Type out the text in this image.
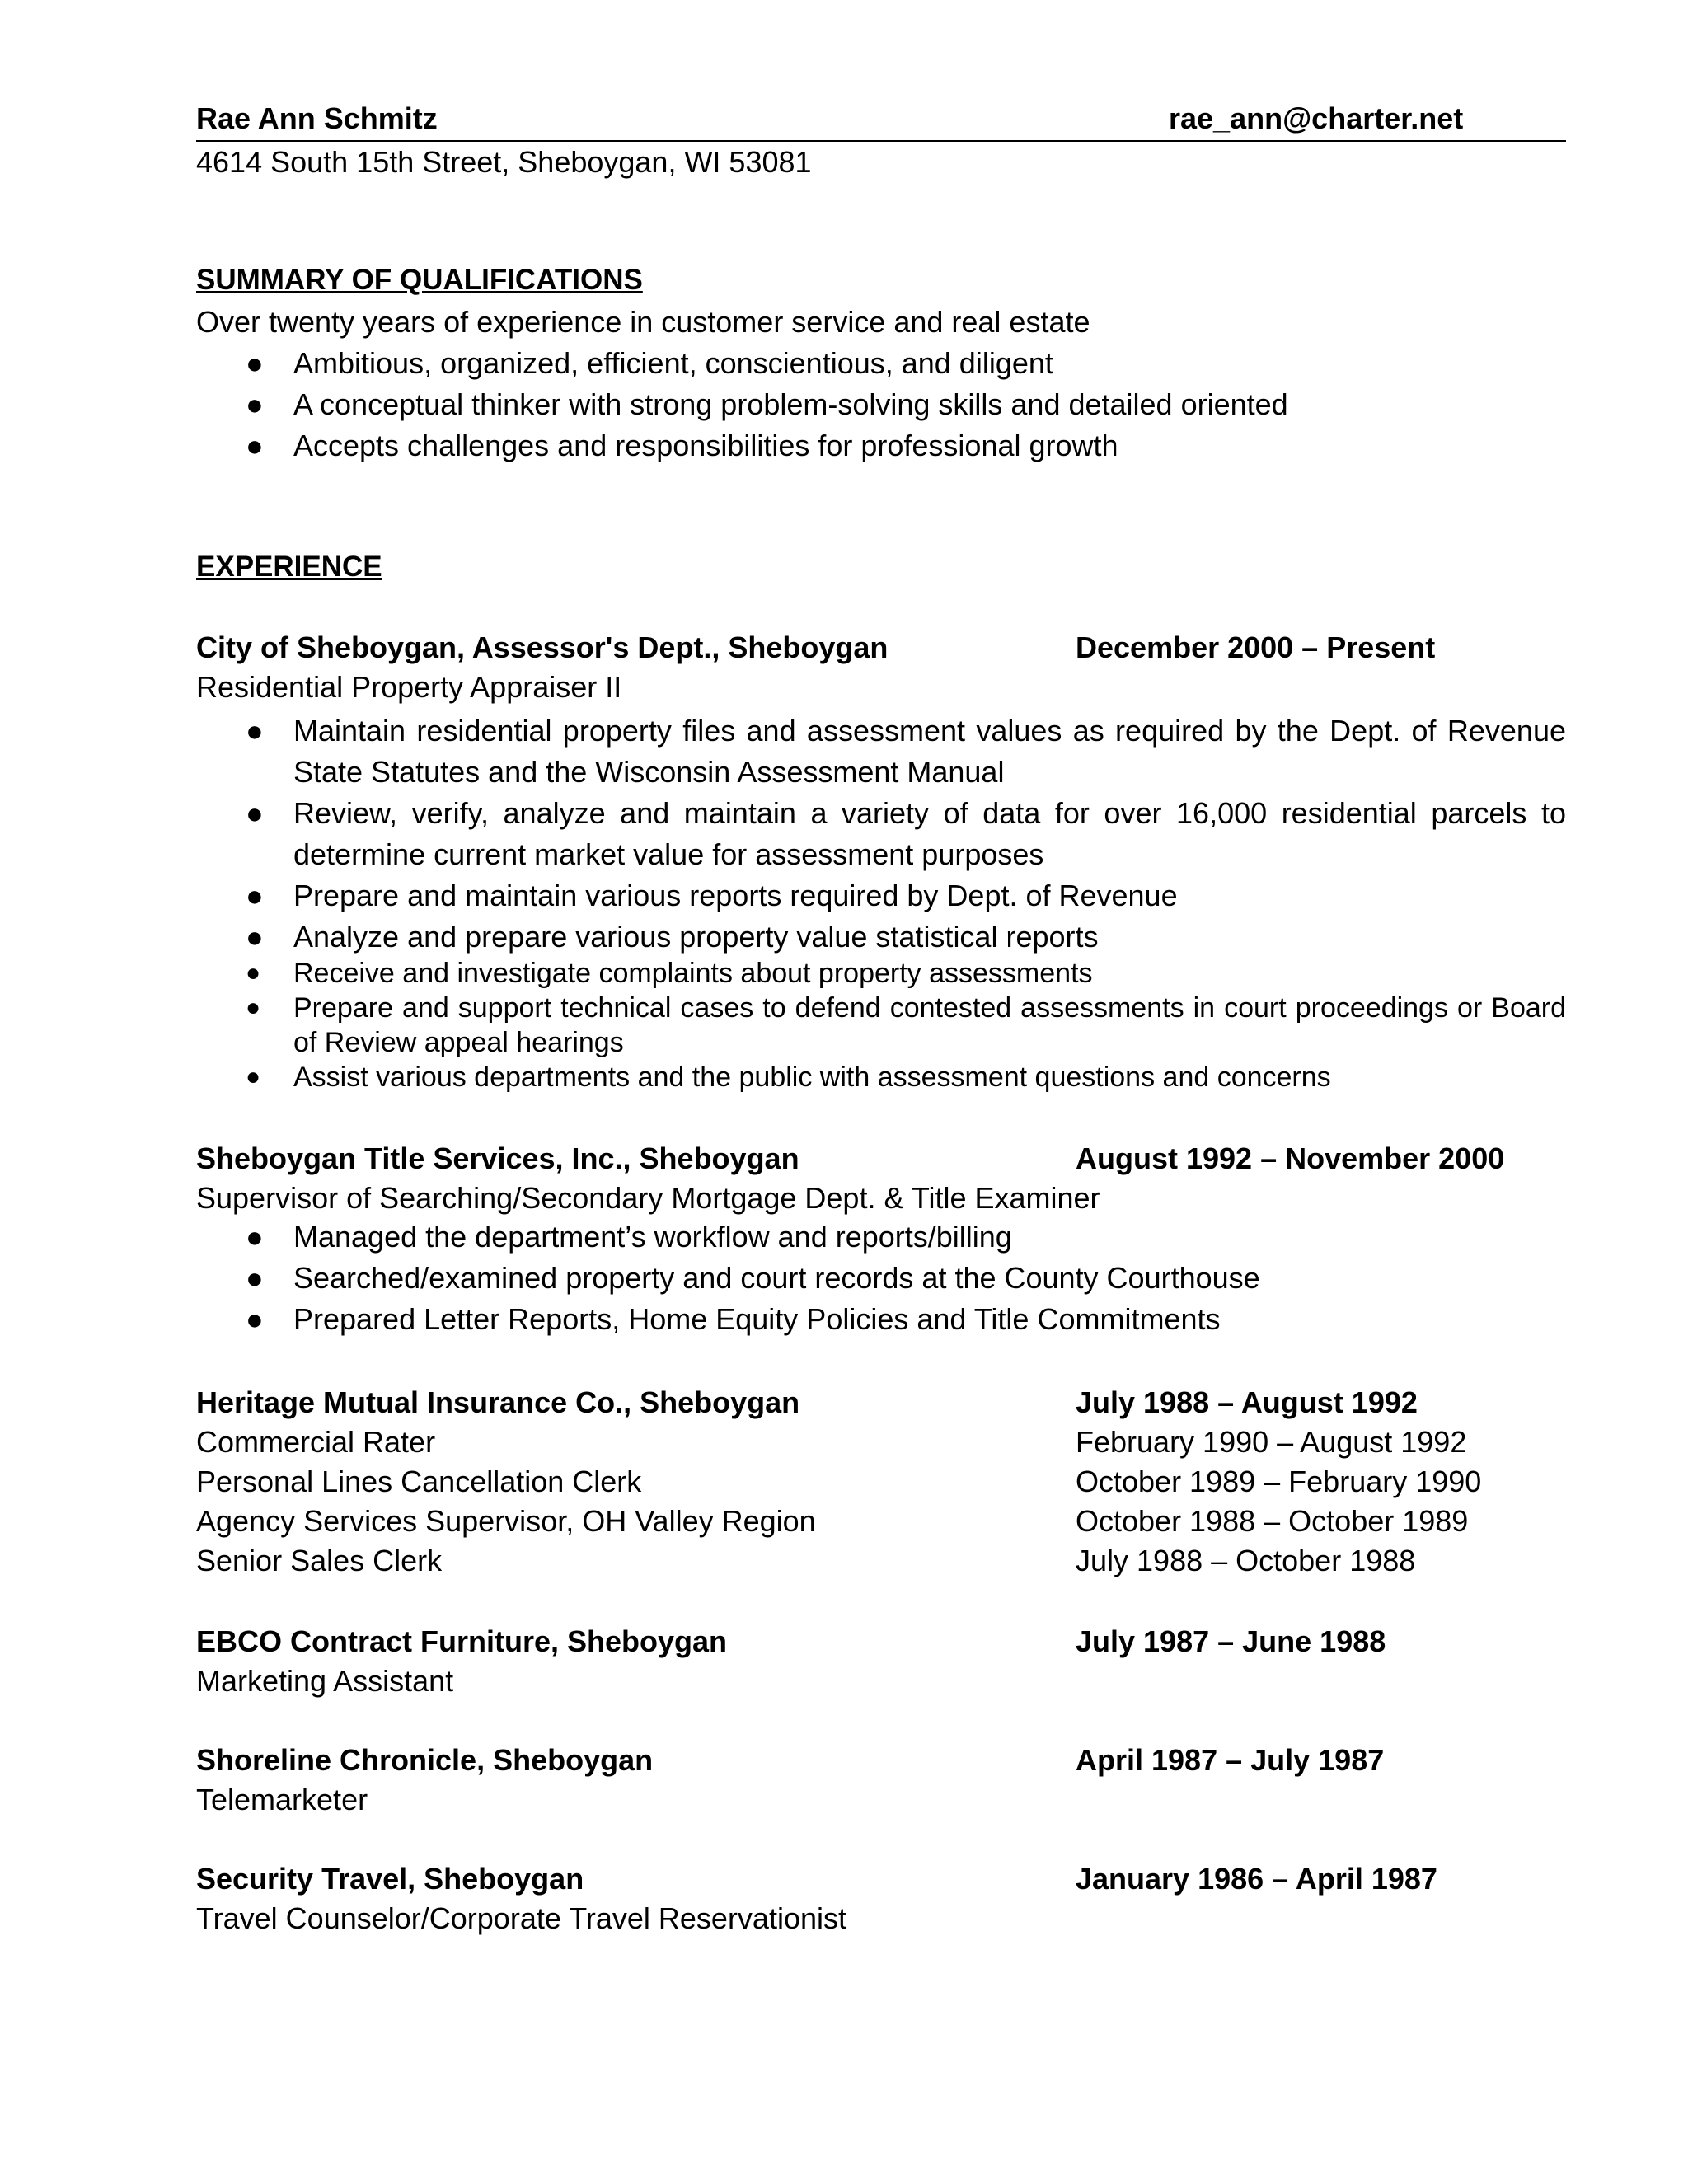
Rae Ann Schmitz	rae_ann@charter.net
4614 South 15th Street, Sheboygan, WI 53081
SUMMARY OF QUALIFICATIONS
Over twenty years of experience in customer service and real estate
● Ambitious, organized, efficient, conscientious, and diligent
● A conceptual thinker with strong problem-solving skills and detailed oriented
● Accepts challenges and responsibilities for professional growth
EXPERIENCE
City of Sheboygan, Assessor's Dept., Sheboygan	December 2000 – Present
Residential Property Appraiser II
● Maintain residential property files and assessment values as required by the Dept. of Revenue State Statutes and the Wisconsin Assessment Manual
● Review, verify, analyze and maintain a variety of data for over 16,000 residential parcels to determine current market value for assessment purposes
● Prepare and maintain various reports required by Dept. of Revenue
● Analyze and prepare various property value statistical reports
● Receive and investigate complaints about property assessments
● Prepare and support technical cases to defend contested assessments in court proceedings or Board of Review appeal hearings
● Assist various departments and the public with assessment questions and concerns
Sheboygan Title Services, Inc., Sheboygan	August 1992 – November 2000
Supervisor of Searching/Secondary Mortgage Dept. & Title Examiner
● Managed the department’s workflow and reports/billing
● Searched/examined property and court records at the County Courthouse
● Prepared Letter Reports, Home Equity Policies and Title Commitments
Heritage Mutual Insurance Co., Sheboygan	July 1988 – August 1992
Commercial Rater	February 1990 – August 1992
Personal Lines Cancellation Clerk	October 1989 – February 1990
Agency Services Supervisor, OH Valley Region	October 1988 – October 1989
Senior Sales Clerk	July 1988 – October 1988
EBCO Contract Furniture, Sheboygan	July 1987 – June 1988
Marketing Assistant
Shoreline Chronicle, Sheboygan	April 1987 – July 1987
Telemarketer
Security Travel, Sheboygan	January 1986 – April 1987
Travel Counselor/Corporate Travel Reservationist
